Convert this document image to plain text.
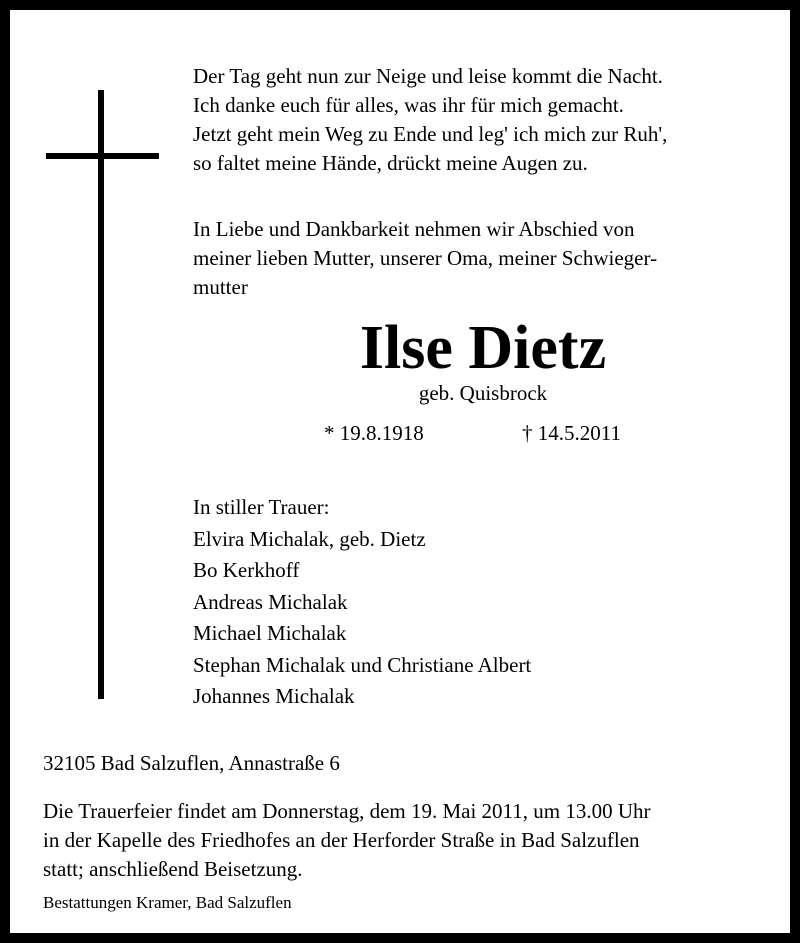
Der Tag geht nun zur Neige und leise kommt die Nacht.
Ich danke euch für alles, was ihr für mich gemacht.
Jetzt geht mein Weg zu Ende und leg' ich mich zur Ruh',
so faltet meine Hände, drückt meine Augen zu.
In Liebe und Dankbarkeit nehmen wir Abschied von
meiner lieben Mutter, unserer Oma, meiner Schwieger-
mutter
Ilse Dietz
geb. Quisbrock
* 19.8.1918	† 14.5.2011
In stiller Trauer:
Elvira Michalak, geb. Dietz
Bo Kerkhoff
Andreas Michalak
Michael Michalak
Stephan Michalak und Christiane Albert
Johannes Michalak
32105 Bad Salzuflen, Annastraße 6
Die Trauerfeier findet am Donnerstag, dem 19. Mai 2011, um 13.00 Uhr
in der Kapelle des Friedhofes an der Herforder Straße in Bad Salzuflen
statt; anschließend Beisetzung.
Bestattungen Kramer, Bad Salzuflen
